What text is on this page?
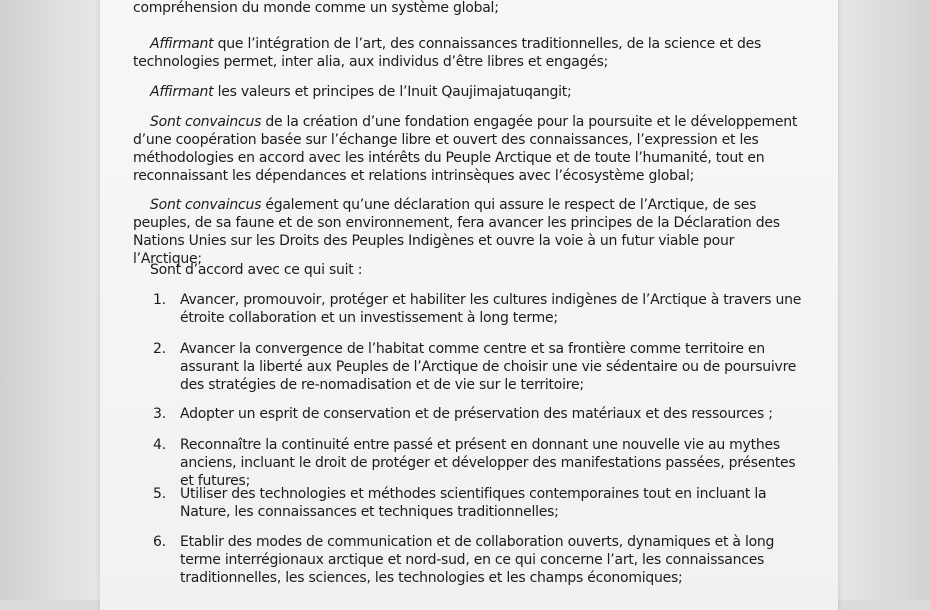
compréhension du monde comme un système global;

Affirmant que l’intégration de l’art, des connaissances traditionnelles, de la science et des technologies permet, inter alia, aux individus d’être libres et engagés;

Affirmant les valeurs et principes de l’Inuit Qaujimajatuqangit;

Sont convaincus de la création d’une fondation engagée pour la poursuite et le développement d’une coopération basée sur l’échange libre et ouvert des connaissances, l’expression et les méthodologies en accord avec les intérêts du Peuple Arctique et de toute l’humanité, tout en reconnaissant les dépendances et relations intrinsèques avec l’écosystème global;

Sont convaincus également qu’une déclaration qui assure le respect de l’Arctique, de ses peuples, de sa faune et de son environnement, fera avancer les principes de la Déclaration des Nations Unies sur les Droits des Peuples Indigènes et ouvre la voie à un futur viable pour l’Arctique;

Sont d’accord avec ce qui suit :

1.	Avancer, promouvoir, protéger et habiliter les cultures indigènes de l’Arctique à travers une étroite collaboration et un investissement à long terme;
2.	Avancer la convergence de l’habitat comme centre et sa frontière comme territoire en assurant la liberté aux Peuples de l’Arctique de choisir une vie sédentaire ou de poursuivre des stratégies de re-nomadisation et de vie sur le territoire;
3.	Adopter un esprit de conservation et de préservation des matériaux et des ressources ;
4.	Reconnaître la continuité entre passé et présent en donnant une nouvelle vie au mythes anciens, incluant le droit de protéger et développer des manifestations passées, présentes et futures;
5.	Utiliser des technologies et méthodes scientifiques contemporaines tout en incluant la Nature, les connaissances et techniques traditionnelles;
6.	Etablir des modes de communication et de collaboration ouverts, dynamiques et à long terme interrégionaux arctique et nord-sud, en ce qui concerne l’art, les connaissances traditionnelles, les sciences, les technologies et les champs économiques;
